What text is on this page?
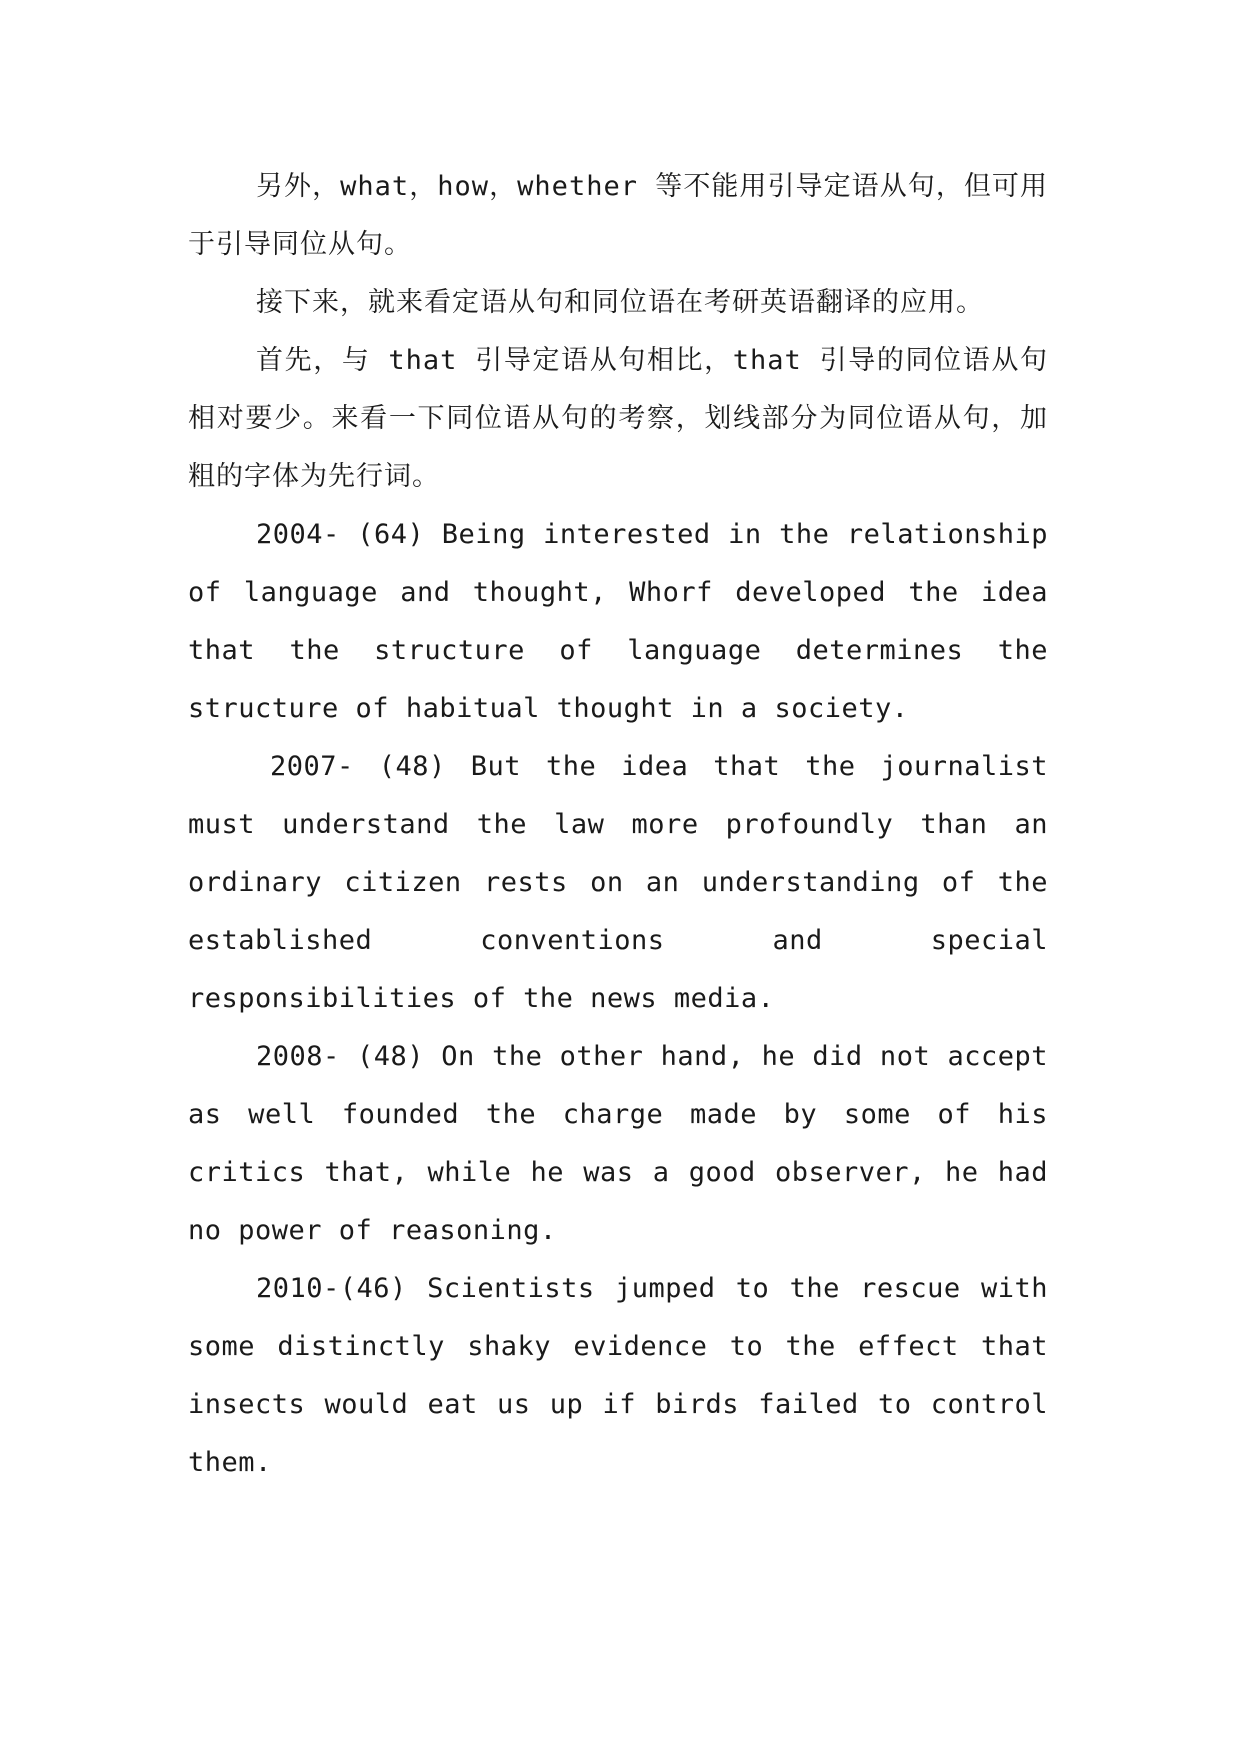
另外，what，how，whether 等不能用引导定语从句，但可用于引导同位从句。

接下来，就来看定语从句和同位语在考研英语翻译的应用。

首先，与 that 引导定语从句相比，that 引导的同位语从句相对要少。来看一下同位语从句的考察，划线部分为同位语从句，加粗的字体为先行词。

2004- (64) Being interested in the relationship of language and thought, Whorf developed the idea that the structure of language determines the structure of habitual thought in a society.

2007- (48) But the idea that the journalist must understand the law more profoundly than an ordinary citizen rests on an understanding of the established conventions and special responsibilities of the news media.

2008- (48) On the other hand, he did not accept as well founded the charge made by some of his critics that, while he was a good observer, he had no power of reasoning.

2010-(46) Scientists jumped to the rescue with some distinctly shaky evidence to the effect that insects would eat us up if birds failed to control them.
